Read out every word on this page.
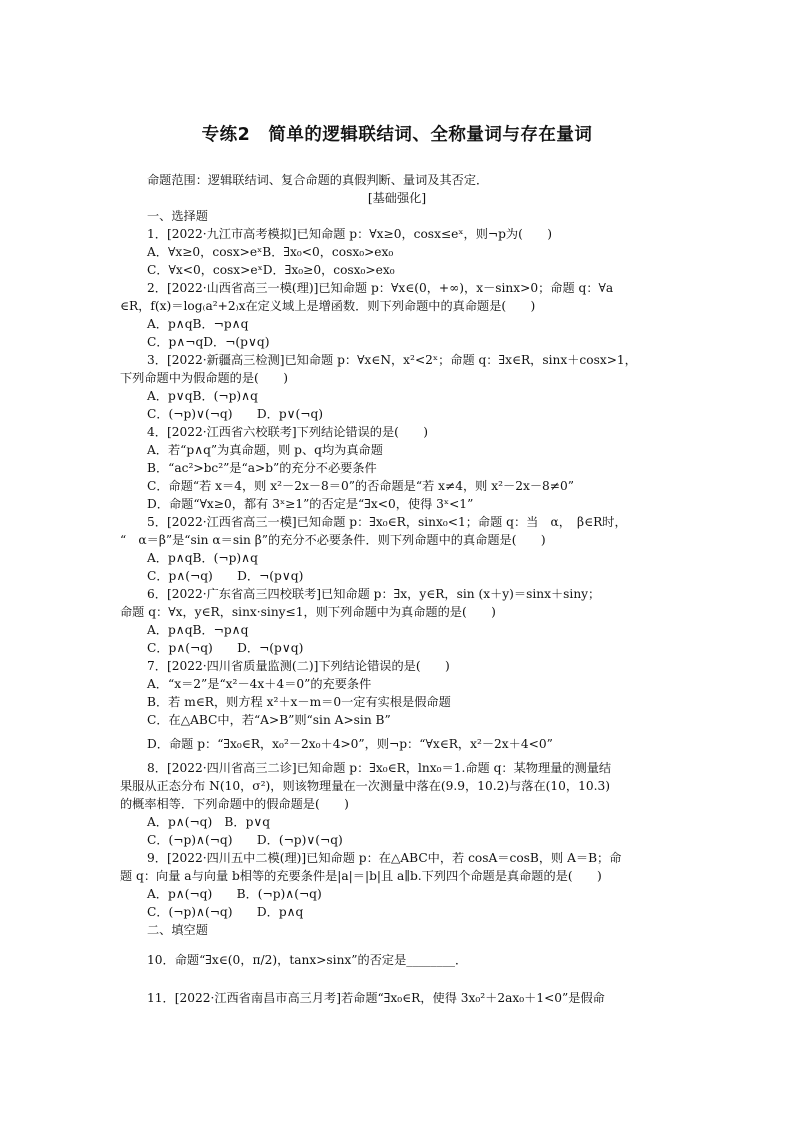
专练2　简单的逻辑联结词、全称量词与存在量词
命题范围：逻辑联结词、复合命题的真假判断、量词及其否定．
[基础强化]
一、选择题
1．[2022·九江市高考模拟]已知命题 p：∀x≥0，cosx≤eˣ，则¬p为(　　)
A．∀x≥0，cosx>eˣB．∃x₀<0，cosx₀>ex₀
C．∀x<0，cosx>eˣD．∃x₀≥0，cosx₀>ex₀
2．[2022·山西省高三一模(理)]已知命题 p：∀x∈(0，+∞)，x－sinx>0；命题 q：∀a
∈R，f(x)＝log₍a²+2₎x在定义域上是增函数．则下列命题中的真命题是(　　)
A．p∧qB．¬p∧q
C．p∧¬qD．¬(p∨q)
3．[2022·新疆高三检测]已知命题 p：∀x∈N，x²<2ˣ；命题 q：∃x∈R，sinx＋cosx>1，
下列命题中为假命题的是(　　)
A．p∨qB．(¬p)∧q
C．(¬p)∨(¬q)　　D．p∨(¬q)
4．[2022·江西省六校联考]下列结论错误的是(　　)
A．若“p∧q”为真命题，则 p、q均为真命题
B．“ac²>bc²”是“a>b”的充分不必要条件
C．命题“若 x＝4，则 x²－2x－8＝0”的否命题是“若 x≠4，则 x²－2x－8≠0”
D．命题“∀x≥0，都有 3ˣ≥1”的否定是“∃x<0，使得 3ˣ<1”
5．[2022·江西省高三一模]已知命题 p：∃x₀∈R，sinx₀<1；命题 q：当　α，　β∈R时，
“　α＝β”是“sin α＝sin β”的充分不必要条件．则下列命题中的真命题是(　　)
A．p∧qB．(¬p)∧q
C．p∧(¬q)　　D．¬(p∨q)
6．[2022·广东省高三四校联考]已知命题 p：∃x，y∈R，sin (x＋y)＝sinx＋siny；
命题 q：∀x，y∈R，sinx·siny≤1，则下列命题中为真命题的是(　　)
A．p∧qB．¬p∧q
C．p∧(¬q)　　D．¬(p∨q)
7．[2022·四川省质量监测(二)]下列结论错误的是(　　)
A．“x＝2”是“x²－4x＋4＝0”的充要条件
B．若 m∈R，则方程 x²＋x－m＝0一定有实根是假命题
C．在△ABC中，若“A>B”则“sin A>sin B”
D．命题 p：“∃x₀∈R，x₀²－2x₀＋4>0”，则¬p：“∀x∈R，x²－2x＋4<0”
8．[2022·四川省高三二诊]已知命题 p：∃x₀∈R，lnx₀＝1.命题 q：某物理量的测量结
果服从正态分布 N(10，σ²)，则该物理量在一次测量中落在(9.9，10.2)与落在(10，10.3)
的概率相等．下列命题中的假命题是(　　)
A．p∧(¬q)　B．p∨q
C．(¬p)∧(¬q)　　D．(¬p)∨(¬q)
9．[2022·四川五中二模(理)]已知命题 p：在△ABC中，若 cosA＝cosB，则 A＝B；命
题 q：向量 a与向量 b相等的充要条件是|a|＝|b|且 a∥b.下列四个命题是真命题的是(　　)
A．p∧(¬q)　　B．(¬p)∧(¬q)
C．(¬p)∧(¬q)　　D．p∧q
二、填空题
10．命题“∃x∈(0，π/2)，tanx>sinx”的否定是________．
11．[2022·江西省南昌市高三月考]若命题“∃x₀∈R，使得 3x₀²＋2ax₀＋1<0”是假命
